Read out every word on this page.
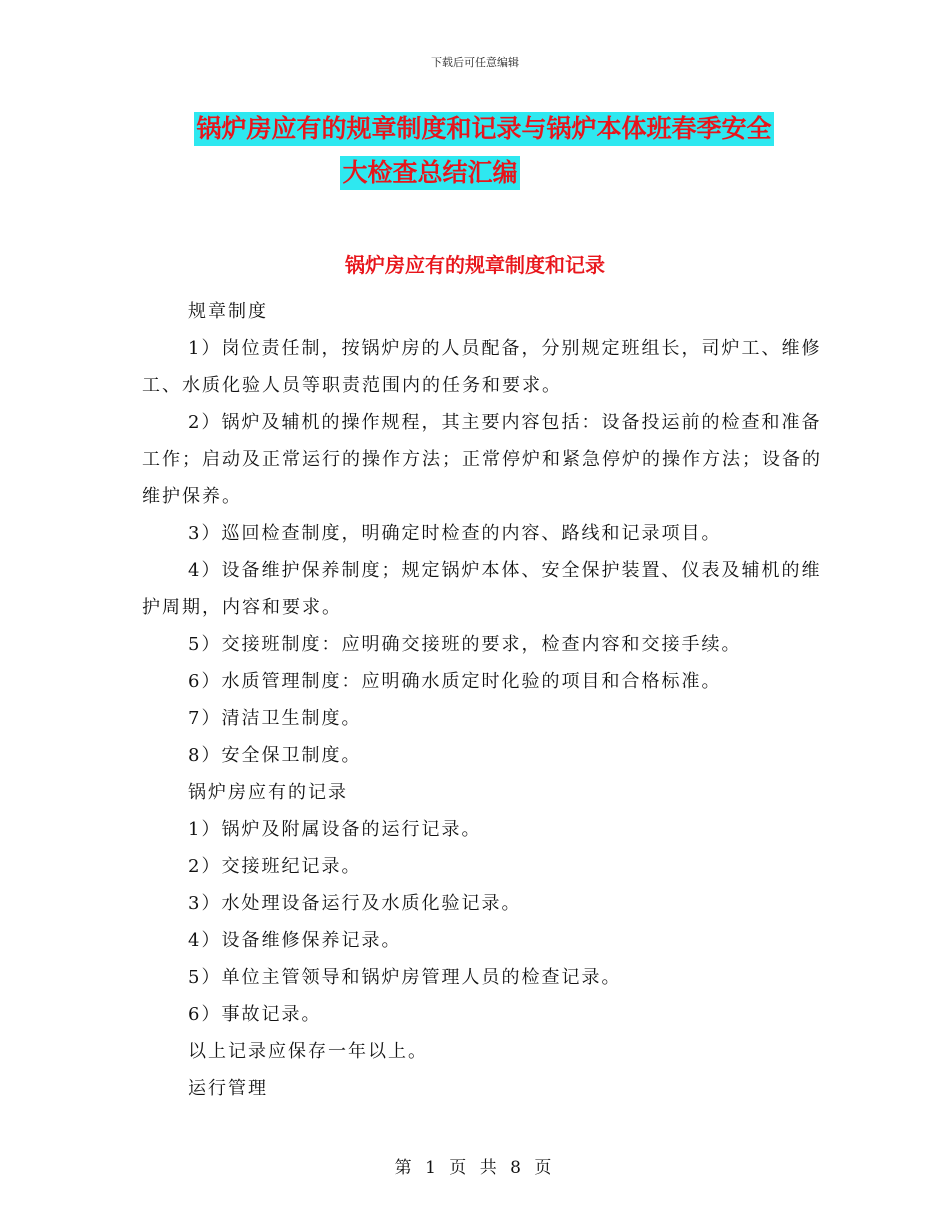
下载后可任意编辑
锅炉房应有的规章制度和记录与锅炉本体班春季安全
大检查总结汇编
锅炉房应有的规章制度和记录

规章制度

1）岗位责任制，按锅炉房的人员配备，分别规定班组长，司炉工、维修工、水质化验人员等职责范围内的任务和要求。

2）锅炉及辅机的操作规程，其主要内容包括：设备投运前的检查和准备工作；启动及正常运行的操作方法；正常停炉和紧急停炉的操作方法；设备的维护保养。

3）巡回检查制度，明确定时检查的内容、路线和记录项目。

4）设备维护保养制度；规定锅炉本体、安全保护装置、仪表及辅机的维护周期，内容和要求。

5）交接班制度：应明确交接班的要求，检查内容和交接手续。

6）水质管理制度：应明确水质定时化验的项目和合格标准。

7）清洁卫生制度。

8）安全保卫制度。

锅炉房应有的记录

1）锅炉及附属设备的运行记录。

2）交接班纪记录。

3）水处理设备运行及水质化验记录。

4）设备维修保养记录。

5）单位主管领导和锅炉房管理人员的检查记录。

6）事故记录。

以上记录应保存一年以上。

运行管理

第 1 页 共 8 页
